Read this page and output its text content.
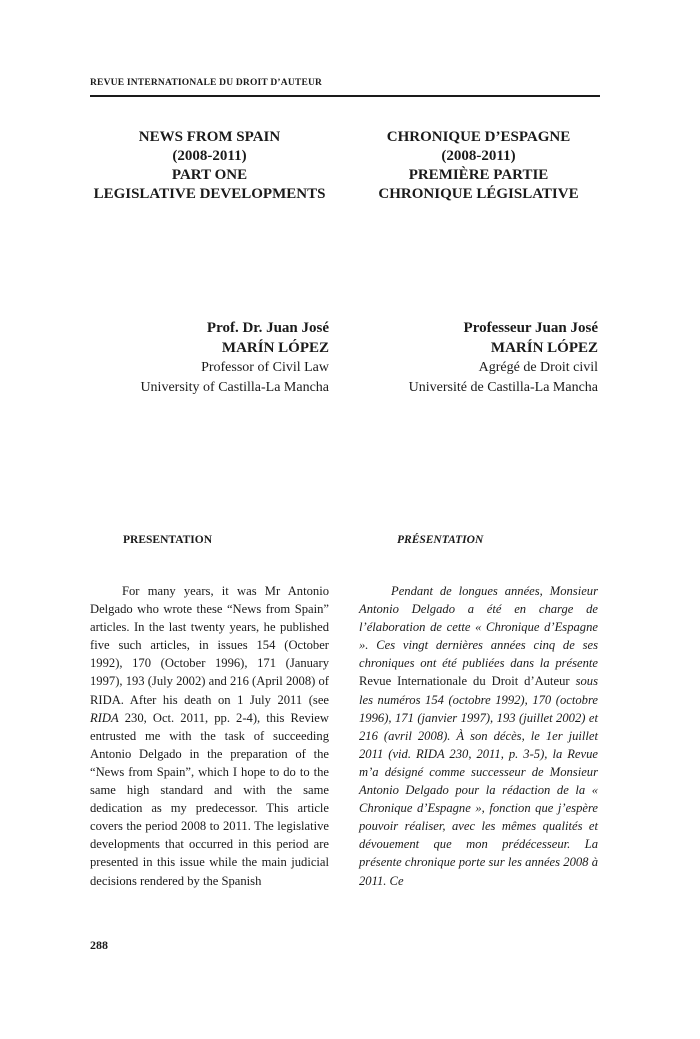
REVUE INTERNATIONALE DU DROIT D’AUTEUR
NEWS FROM SPAIN
(2008-2011)
PART ONE
LEGISLATIVE DEVELOPMENTS
CHRONIQUE D’ESPAGNE
(2008-2011)
PREMIÈRE PARTIE
CHRONIQUE LÉGISLATIVE
Prof. Dr. Juan José
MARÍN LÓPEZ
Professor of Civil Law
University of Castilla-La Mancha
Professeur Juan José
MARÍN LÓPEZ
Agrégé de Droit civil
Université de Castilla-La Mancha
PRESENTATION	PRÉSENTATION

For many years, it was Mr Antonio Delgado who wrote these “News from Spain” articles. In the last twenty years, he published five such articles, in issues 154 (October 1992), 170 (October 1996), 171 (January 1997), 193 (July 2002) and 216 (April 2008) of RIDA. After his death on 1 July 2011 (see RIDA 230, Oct. 2011, pp. 2-4), this Review entrusted me with the task of succeeding Antonio Delgado in the preparation of the “News from Spain”, which I hope to do to the same high standard and with the same dedication as my predecessor. This article covers the period 2008 to 2011. The legislative developments that occurred in this period are presented in this issue while the main judicial decisions rendered by the Spanish

Pendant de longues années, Monsieur Antonio Delgado a été en charge de l’élaboration de cette « Chronique d’Espagne ». Ces vingt dernières années cinq de ses chroniques ont été publiées dans la présente Revue Internationale du Droit d’Auteur sous les numéros 154 (octobre 1992), 170 (octobre 1996), 171 (janvier 1997), 193 (juillet 2002) et 216 (avril 2008). À son décès, le 1er juillet 2011 (vid. RIDA 230, 2011, p. 3-5), la Revue m’a désigné comme successeur de Monsieur Antonio Delgado pour la rédaction de la « Chronique d’Espagne », fonction que j’espère pouvoir réaliser, avec les mêmes qualités et dévouement que mon prédécesseur. La présente chronique porte sur les années 2008 à 2011. Ce

288
